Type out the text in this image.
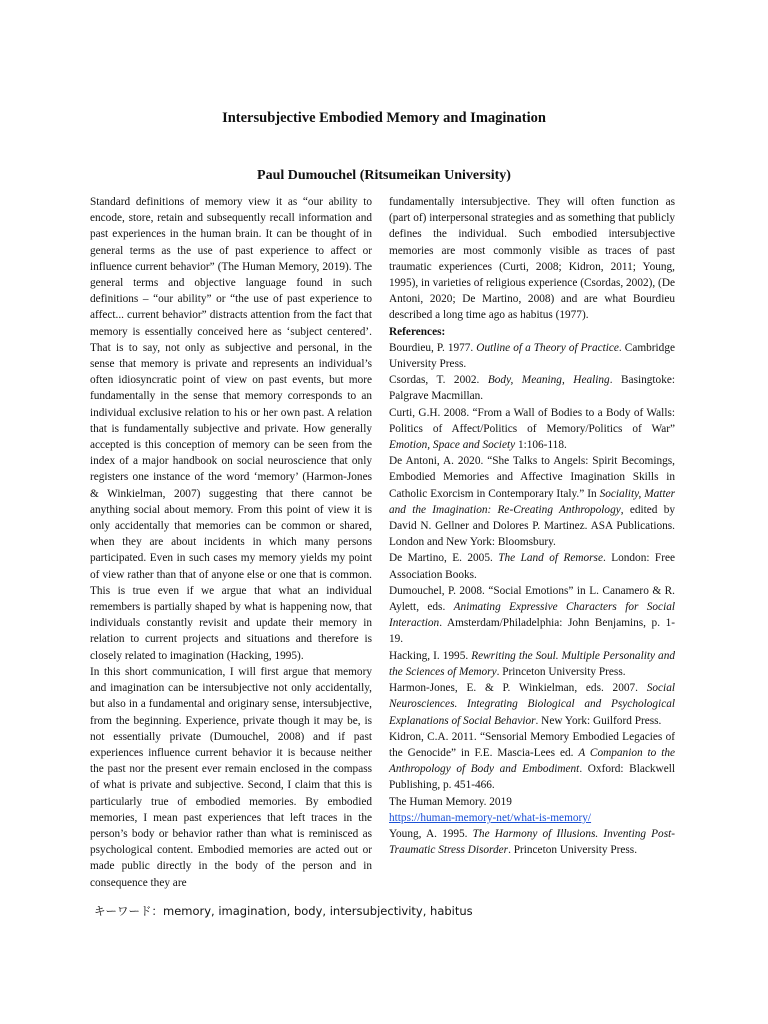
Intersubjective Embodied Memory and Imagination
Paul Dumouchel (Ritsumeikan University)

Standard definitions of memory view it as “our ability to encode, store, retain and subsequently recall information and past experiences in the human brain. It can be thought of in general terms as the use of past experience to affect or influence current behavior” (The Human Memory, 2019). The general terms and objective language found in such definitions – “our ability” or “the use of past experience to affect... current behavior” distracts attention from the fact that memory is essentially conceived here as ‘subject centered’. That is to say, not only as subjective and personal, in the sense that memory is private and represents an individual’s often idiosyncratic point of view on past events, but more fundamentally in the sense that memory corresponds to an individual exclusive relation to his or her own past. A relation that is fundamentally subjective and private. How generally accepted is this conception of memory can be seen from the index of a major handbook on social neuroscience that only registers one instance of the word ‘memory’ (Harmon-Jones & Winkielman, 2007) suggesting that there cannot be anything social about memory. From this point of view it is only accidentally that memories can be common or shared, when they are about incidents in which many persons participated. Even in such cases my memory yields my point of view rather than that of anyone else or one that is common. This is true even if we argue that what an individual remembers is partially shaped by what is happening now, that individuals constantly revisit and update their memory in relation to current projects and situations and therefore is closely related to imagination (Hacking, 1995).

In this short communication, I will first argue that memory and imagination can be intersubjective not only accidentally, but also in a fundamental and originary sense, intersubjective, from the beginning. Experience, private though it may be, is not essentially private (Dumouchel, 2008) and if past experiences influence current behavior it is because neither the past nor the present ever remain enclosed in the compass of what is private and subjective. Second, I claim that this is particularly true of embodied memories. By embodied memories, I mean past experiences that left traces in the person’s body or behavior rather than what is reminisced as psychological content. Embodied memories are acted out or made public directly in the body of the person and in consequence they are

fundamentally intersubjective. They will often function as (part of) interpersonal strategies and as something that publicly defines the individual. Such embodied intersubjective memories are most commonly visible as traces of past traumatic experiences (Curti, 2008; Kidron, 2011; Young, 1995), in varieties of religious experience (Csordas, 2002), (De Antoni, 2020; De Martino, 2008) and are what Bourdieu described a long time ago as habitus (1977).

References:

Bourdieu, P. 1977. Outline of a Theory of Practice. Cambridge University Press.

Csordas, T. 2002. Body, Meaning, Healing. Basingtoke: Palgrave Macmillan.

Curti, G.H. 2008. “From a Wall of Bodies to a Body of Walls: Politics of Affect/Politics of Memory/Politics of War” Emotion, Space and Society 1:106-118.

De Antoni, A. 2020. “She Talks to Angels: Spirit Becomings, Embodied Memories and Affective Imagination Skills in Catholic Exorcism in Contemporary Italy.” In Sociality, Matter and the Imagination: Re-Creating Anthropology, edited by David N. Gellner and Dolores P. Martinez. ASA Publications. London and New York: Bloomsbury.

De Martino, E. 2005. The Land of Remorse. London: Free Association Books.

Dumouchel, P. 2008. “Social Emotions” in L. Canamero & R. Aylett, eds. Animating Expressive Characters for Social Interaction. Amsterdam/Philadelphia: John Benjamins, p. 1-19.

Hacking, I. 1995. Rewriting the Soul. Multiple Personality and the Sciences of Memory. Princeton University Press.

Harmon-Jones, E. & P. Winkielman, eds. 2007. Social Neurosciences. Integrating Biological and Psychological Explanations of Social Behavior. New York: Guilford Press.

Kidron, C.A. 2011. “Sensorial Memory Embodied Legacies of the Genocide” in F.E. Mascia-Lees ed. A Companion to the Anthropology of Body and Embodiment. Oxford: Blackwell Publishing, p. 451-466.

The Human Memory. 2019

https://human-memory-net/what-is-memory/

Young, A. 1995. The Harmony of Illusions. Inventing Post-Traumatic Stress Disorder. Princeton University Press.

キーワード：memory, imagination, body, intersubjectivity, habitus
